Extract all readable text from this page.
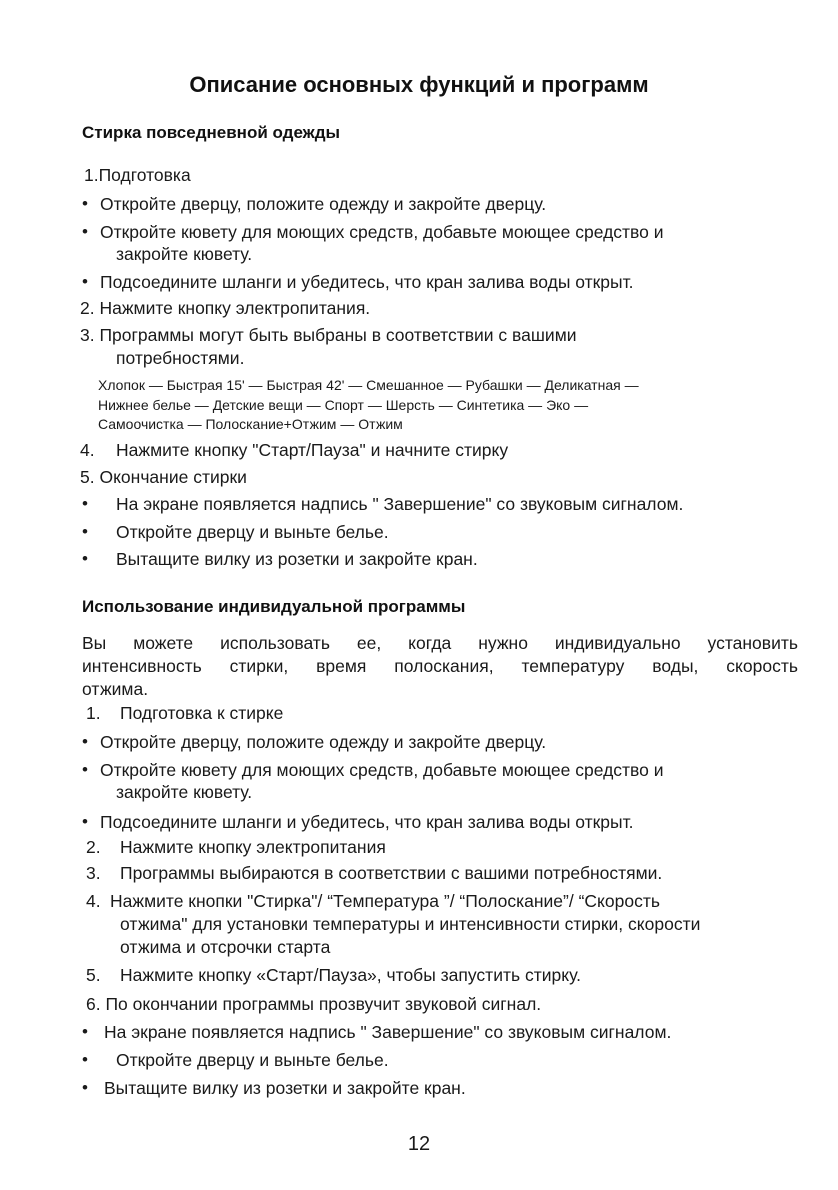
Описание основных функций и программ
Стирка повседневной одежды
1.Подготовка
• Откройте дверцу, положите одежду и закройте дверцу.
• Откройте кювету для моющих средств, добавьте моющее средство и
закройте кювету.
• Подсоедините шланги и убедитесь, что кран залива воды открыт.
2. Нажмите кнопку электропитания.
3. Программы могут быть выбраны в соответствии с вашими
потребностями.
Хлопок — Быстрая 15' — Быстрая 42' — Смешанное — Рубашки — Деликатная —
Нижнее белье — Детские вещи — Спорт — Шерсть — Синтетика — Эко —
Самоочистка — Полоскание+Отжим — Отжим
4. Нажмите кнопку "Старт/Пауза" и начните стирку
5. Окончание стирки
• На экране появляется надпись " Завершение" со звуковым сигналом.
• Откройте дверцу и выньте белье.
• Вытащите вилку из розетки и закройте кран.
Использование индивидуальной программы
Вы можете использовать ее, когда нужно индивидуально установить
интенсивность стирки, время полоскания, температуру воды, скорость
отжима.
1. Подготовка к стирке
• Откройте дверцу, положите одежду и закройте дверцу.
• Откройте кювету для моющих средств, добавьте моющее средство и
закройте кювету.
• Подсоедините шланги и убедитесь, что кран залива воды открыт.
2. Нажмите кнопку электропитания
3. Программы выбираются в соответствии с вашими потребностями.
4. Нажмите кнопки "Стирка"/ “Температура ”/ “Полоскание”/ “Скорость
отжима" для установки температуры и интенсивности стирки, скорости
отжима и отсрочки старта
5. Нажмите кнопку «Старт/Пауза», чтобы запустить стирку.
6. По окончании программы прозвучит звуковой сигнал.
• На экране появляется надпись " Завершение" со звуковым сигналом.
• Откройте дверцу и выньте белье.
• Вытащите вилку из розетки и закройте кран.
12
